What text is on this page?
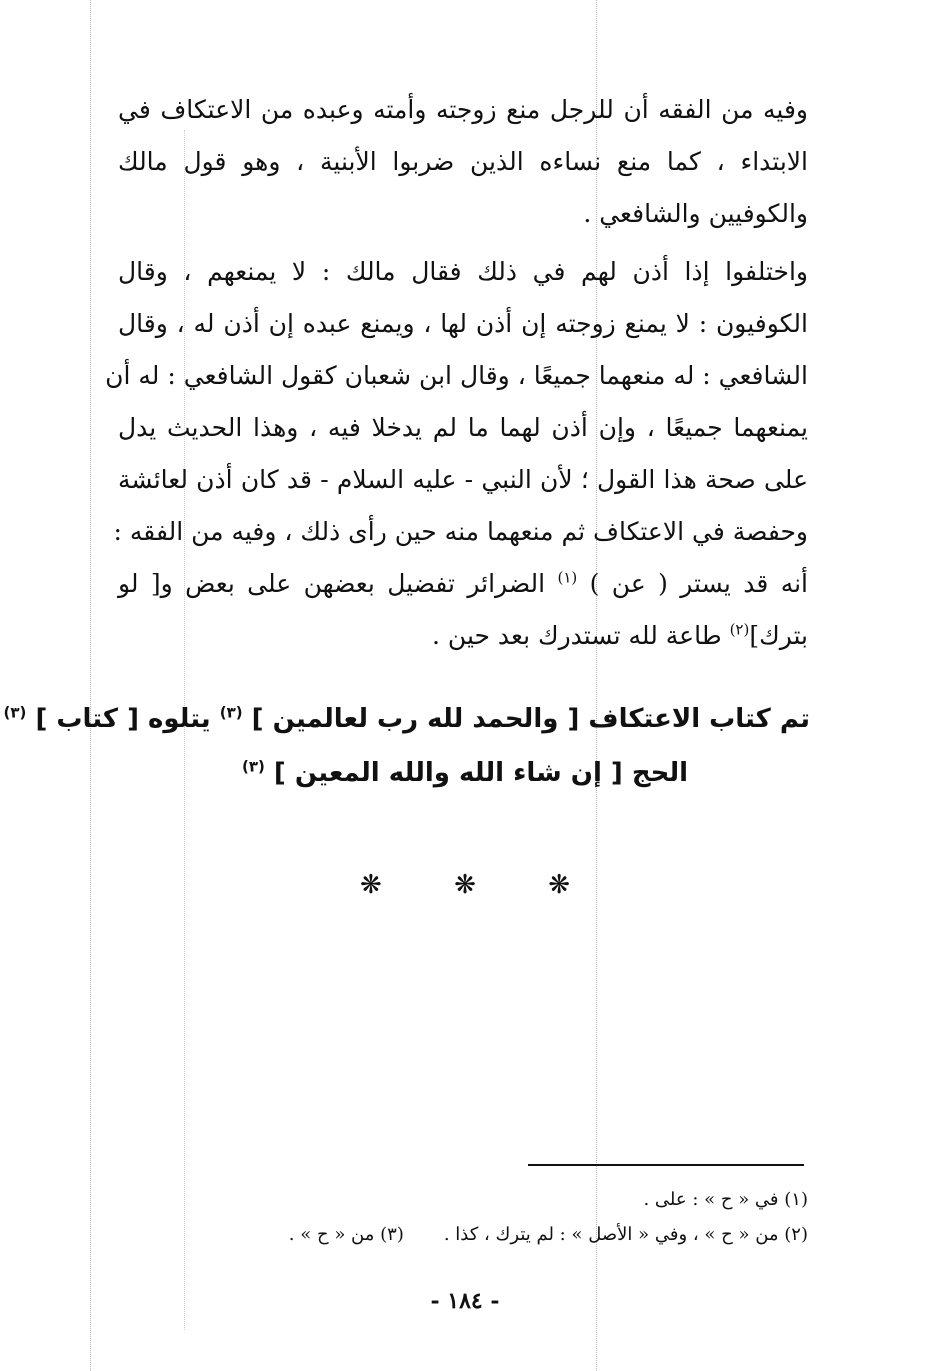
وفيه من الفقه أن للرجل منع زوجته وأمته وعبده من الاعتكاف في
الابتداء ، كما منع نساءه الذين ضربوا الأبنية ، وهو قول مالك
والكوفيين والشافعي .
واختلفوا إذا أذن لهم في ذلك فقال مالك : لا يمنعهم ، وقال
الكوفيون : لا يمنع زوجته إن أذن لها ، ويمنع عبده إن أذن له ، وقال
الشافعي : له منعهما جميعًا ، وقال ابن شعبان كقول الشافعي : له أن
يمنعهما جميعًا ، وإن أذن لهما ما لم يدخلا فيه ، وهذا الحديث يدل
على صحة هذا القول ؛ لأن النبي - عليه السلام - قد كان أذن لعائشة
وحفصة في الاعتكاف ثم منعهما منه حين رأى ذلك ، وفيه من الفقه :
أنه قد يستر ( عن ) $^{(١)}$ الضرائر تفضيل بعضهن على بعض و[ لو
بترك]$^{(٢)}$ طاعة لله تستدرك بعد حين .
تم كتاب الاعتكاف [ والحمد لله رب لعالمين ] $^{(٣)}$ يتلوه [ كتاب ] $^{(٣)}$
الحج [ إن شاء الله والله المعين ] $^{(٣)}$
❋	❋	❋
(١) في « ح » : على .
(٢) من « ح » ، وفي « الأصل » : لم يترك ، كذا .
(٣) من « ح » .
- ١٨٤ -
